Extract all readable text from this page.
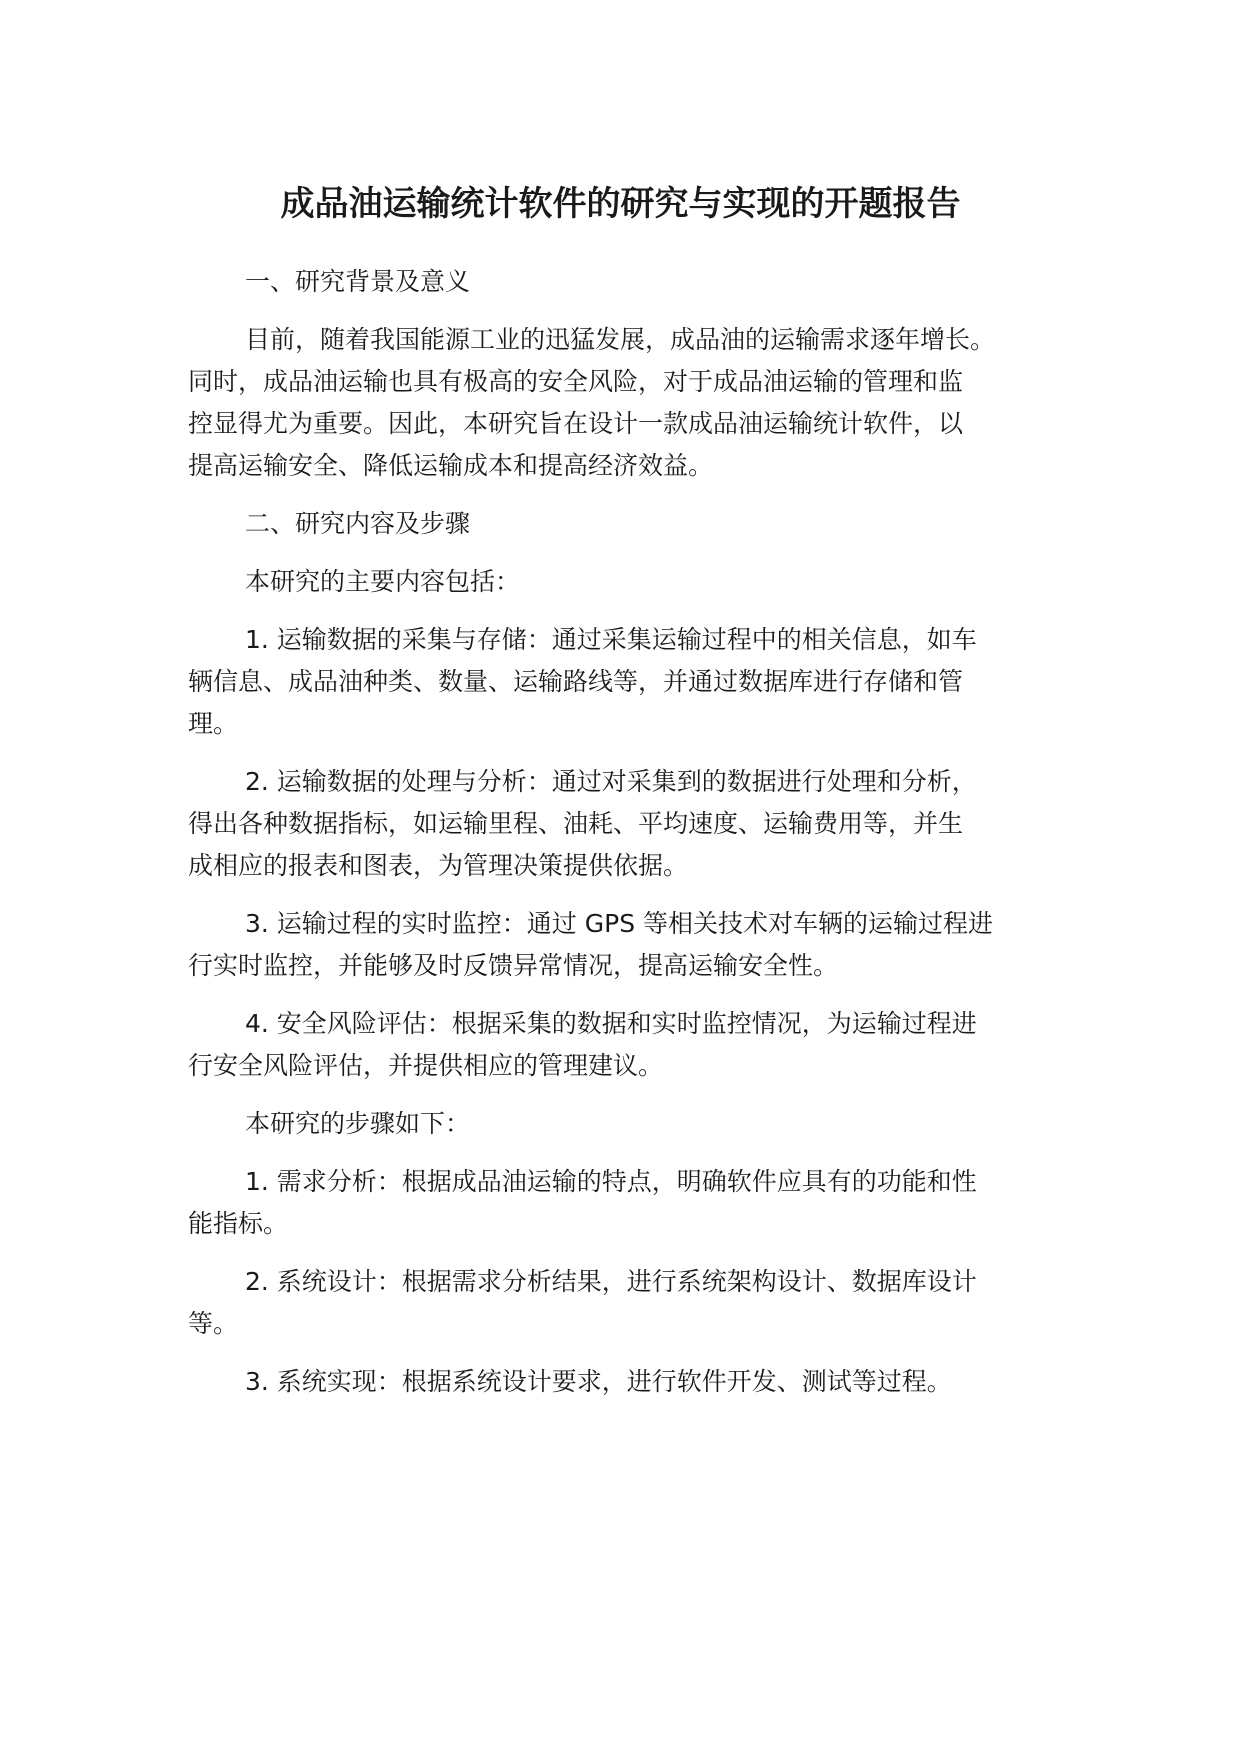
成品油运输统计软件的研究与实现的开题报告
一、研究背景及意义
目前，随着我国能源工业的迅猛发展，成品油的运输需求逐年增长。
同时，成品油运输也具有极高的安全风险，对于成品油运输的管理和监
控显得尤为重要。因此，本研究旨在设计一款成品油运输统计软件，以
提高运输安全、降低运输成本和提高经济效益。
二、研究内容及步骤
本研究的主要内容包括：
1. 运输数据的采集与存储：通过采集运输过程中的相关信息，如车
辆信息、成品油种类、数量、运输路线等，并通过数据库进行存储和管
理。
2. 运输数据的处理与分析：通过对采集到的数据进行处理和分析，
得出各种数据指标，如运输里程、油耗、平均速度、运输费用等，并生
成相应的报表和图表，为管理决策提供依据。
3. 运输过程的实时监控：通过 GPS 等相关技术对车辆的运输过程进
行实时监控，并能够及时反馈异常情况，提高运输安全性。
4. 安全风险评估：根据采集的数据和实时监控情况，为运输过程进
行安全风险评估，并提供相应的管理建议。
本研究的步骤如下：
1. 需求分析：根据成品油运输的特点，明确软件应具有的功能和性
能指标。
2. 系统设计：根据需求分析结果，进行系统架构设计、数据库设计
等。
3. 系统实现：根据系统设计要求，进行软件开发、测试等过程。
